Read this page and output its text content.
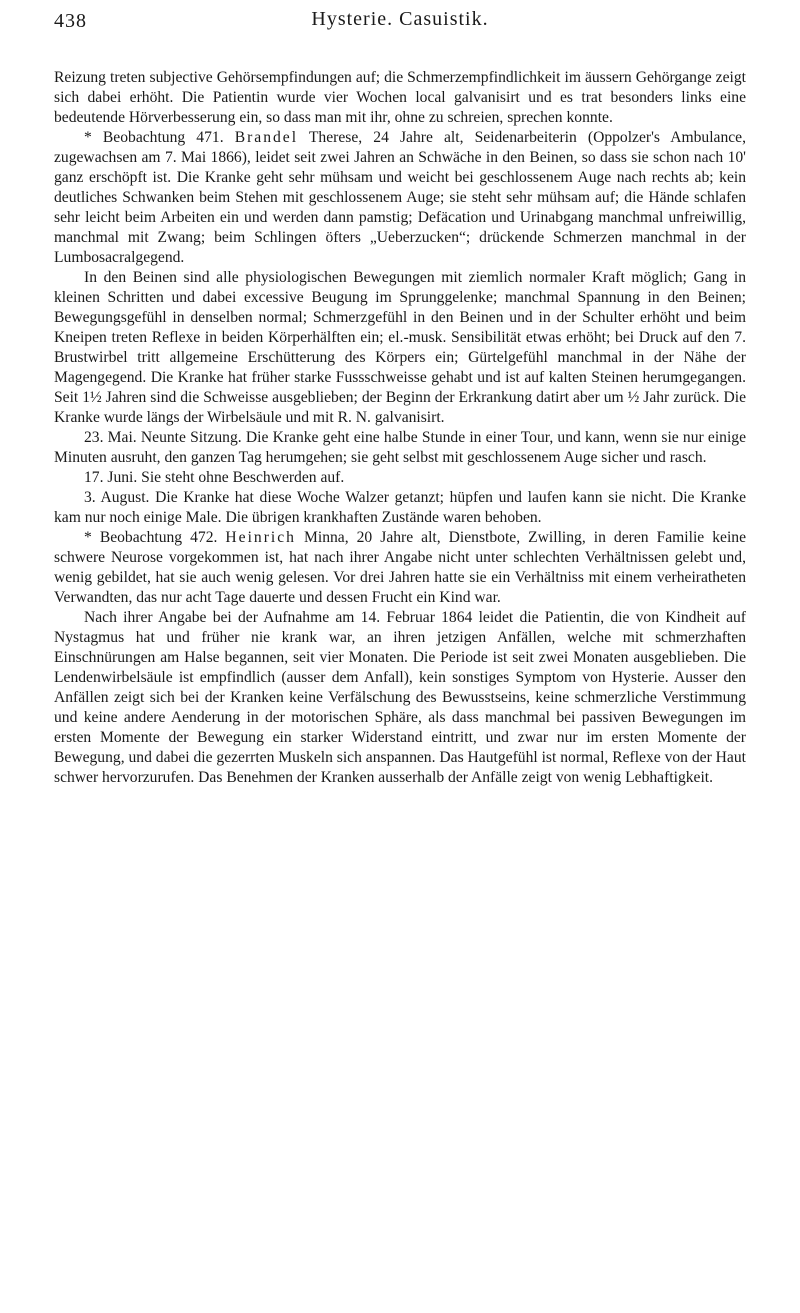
438	Hysterie. Casuistik.

Reizung treten subjective Gehörsempfindungen auf; die Schmerzempfindlichkeit im äussern Gehörgange zeigt sich dabei erhöht. Die Patientin wurde vier Wochen local galvanisirt und es trat besonders links eine bedeutende Hörverbesserung ein, so dass man mit ihr, ohne zu schreien, sprechen konnte.

* Beobachtung 471. Brandel Therese, 24 Jahre alt, Seidenarbeiterin (Oppolzer's Ambulance, zugewachsen am 7. Mai 1866), leidet seit zwei Jahren an Schwäche in den Beinen, so dass sie schon nach 10' ganz erschöpft ist. Die Kranke geht sehr mühsam und weicht bei geschlossenem Auge nach rechts ab; kein deutliches Schwanken beim Stehen mit geschlossenem Auge; sie steht sehr mühsam auf; die Hände schlafen sehr leicht beim Arbeiten ein und werden dann pamstig; Defäcation und Urinabgang manchmal unfreiwillig, manchmal mit Zwang; beim Schlingen öfters „Ueberzucken“; drückende Schmerzen manchmal in der Lumbosacralgegend.

In den Beinen sind alle physiologischen Bewegungen mit ziemlich normaler Kraft möglich; Gang in kleinen Schritten und dabei excessive Beugung im Sprunggelenke; manchmal Spannung in den Beinen; Bewegungsgefühl in denselben normal; Schmerzgefühl in den Beinen und in der Schulter erhöht und beim Kneipen treten Reflexe in beiden Körperhälften ein; el.-musk. Sensibilität etwas erhöht; bei Druck auf den 7. Brustwirbel tritt allgemeine Erschütterung des Körpers ein; Gürtelgefühl manchmal in der Nähe der Magengegend. Die Kranke hat früher starke Fussschweisse gehabt und ist auf kalten Steinen herumgegangen. Seit 1½ Jahren sind die Schweisse ausgeblieben; der Beginn der Erkrankung datirt aber um ½ Jahr zurück. Die Kranke wurde längs der Wirbelsäule und mit R. N. galvanisirt.

23. Mai. Neunte Sitzung. Die Kranke geht eine halbe Stunde in einer Tour, und kann, wenn sie nur einige Minuten ausruht, den ganzen Tag herumgehen; sie geht selbst mit geschlossenem Auge sicher und rasch.

17. Juni. Sie steht ohne Beschwerden auf.

3. August. Die Kranke hat diese Woche Walzer getanzt; hüpfen und laufen kann sie nicht. Die Kranke kam nur noch einige Male. Die übrigen krankhaften Zustände waren behoben.

* Beobachtung 472. Heinrich Minna, 20 Jahre alt, Dienstbote, Zwilling, in deren Familie keine schwere Neurose vorgekommen ist, hat nach ihrer Angabe nicht unter schlechten Verhältnissen gelebt und, wenig gebildet, hat sie auch wenig gelesen. Vor drei Jahren hatte sie ein Verhältniss mit einem verheiratheten Verwandten, das nur acht Tage dauerte und dessen Frucht ein Kind war.

Nach ihrer Angabe bei der Aufnahme am 14. Februar 1864 leidet die Patientin, die von Kindheit auf Nystagmus hat und früher nie krank war, an ihren jetzigen Anfällen, welche mit schmerzhaften Einschnürungen am Halse begannen, seit vier Monaten. Die Periode ist seit zwei Monaten ausgeblieben. Die Lendenwirbelsäule ist empfindlich (ausser dem Anfall), kein sonstiges Symptom von Hysterie. Ausser den Anfällen zeigt sich bei der Kranken keine Verfälschung des Bewusstseins, keine schmerzliche Verstimmung und keine andere Aenderung in der motorischen Sphäre, als dass manchmal bei passiven Bewegungen im ersten Momente der Bewegung ein starker Widerstand eintritt, und zwar nur im ersten Momente der Bewegung, und dabei die gezerrten Muskeln sich anspannen. Das Hautgefühl ist normal, Reflexe von der Haut schwer hervorzurufen. Das Benehmen der Kranken ausserhalb der Anfälle zeigt von wenig Lebhaftigkeit.
